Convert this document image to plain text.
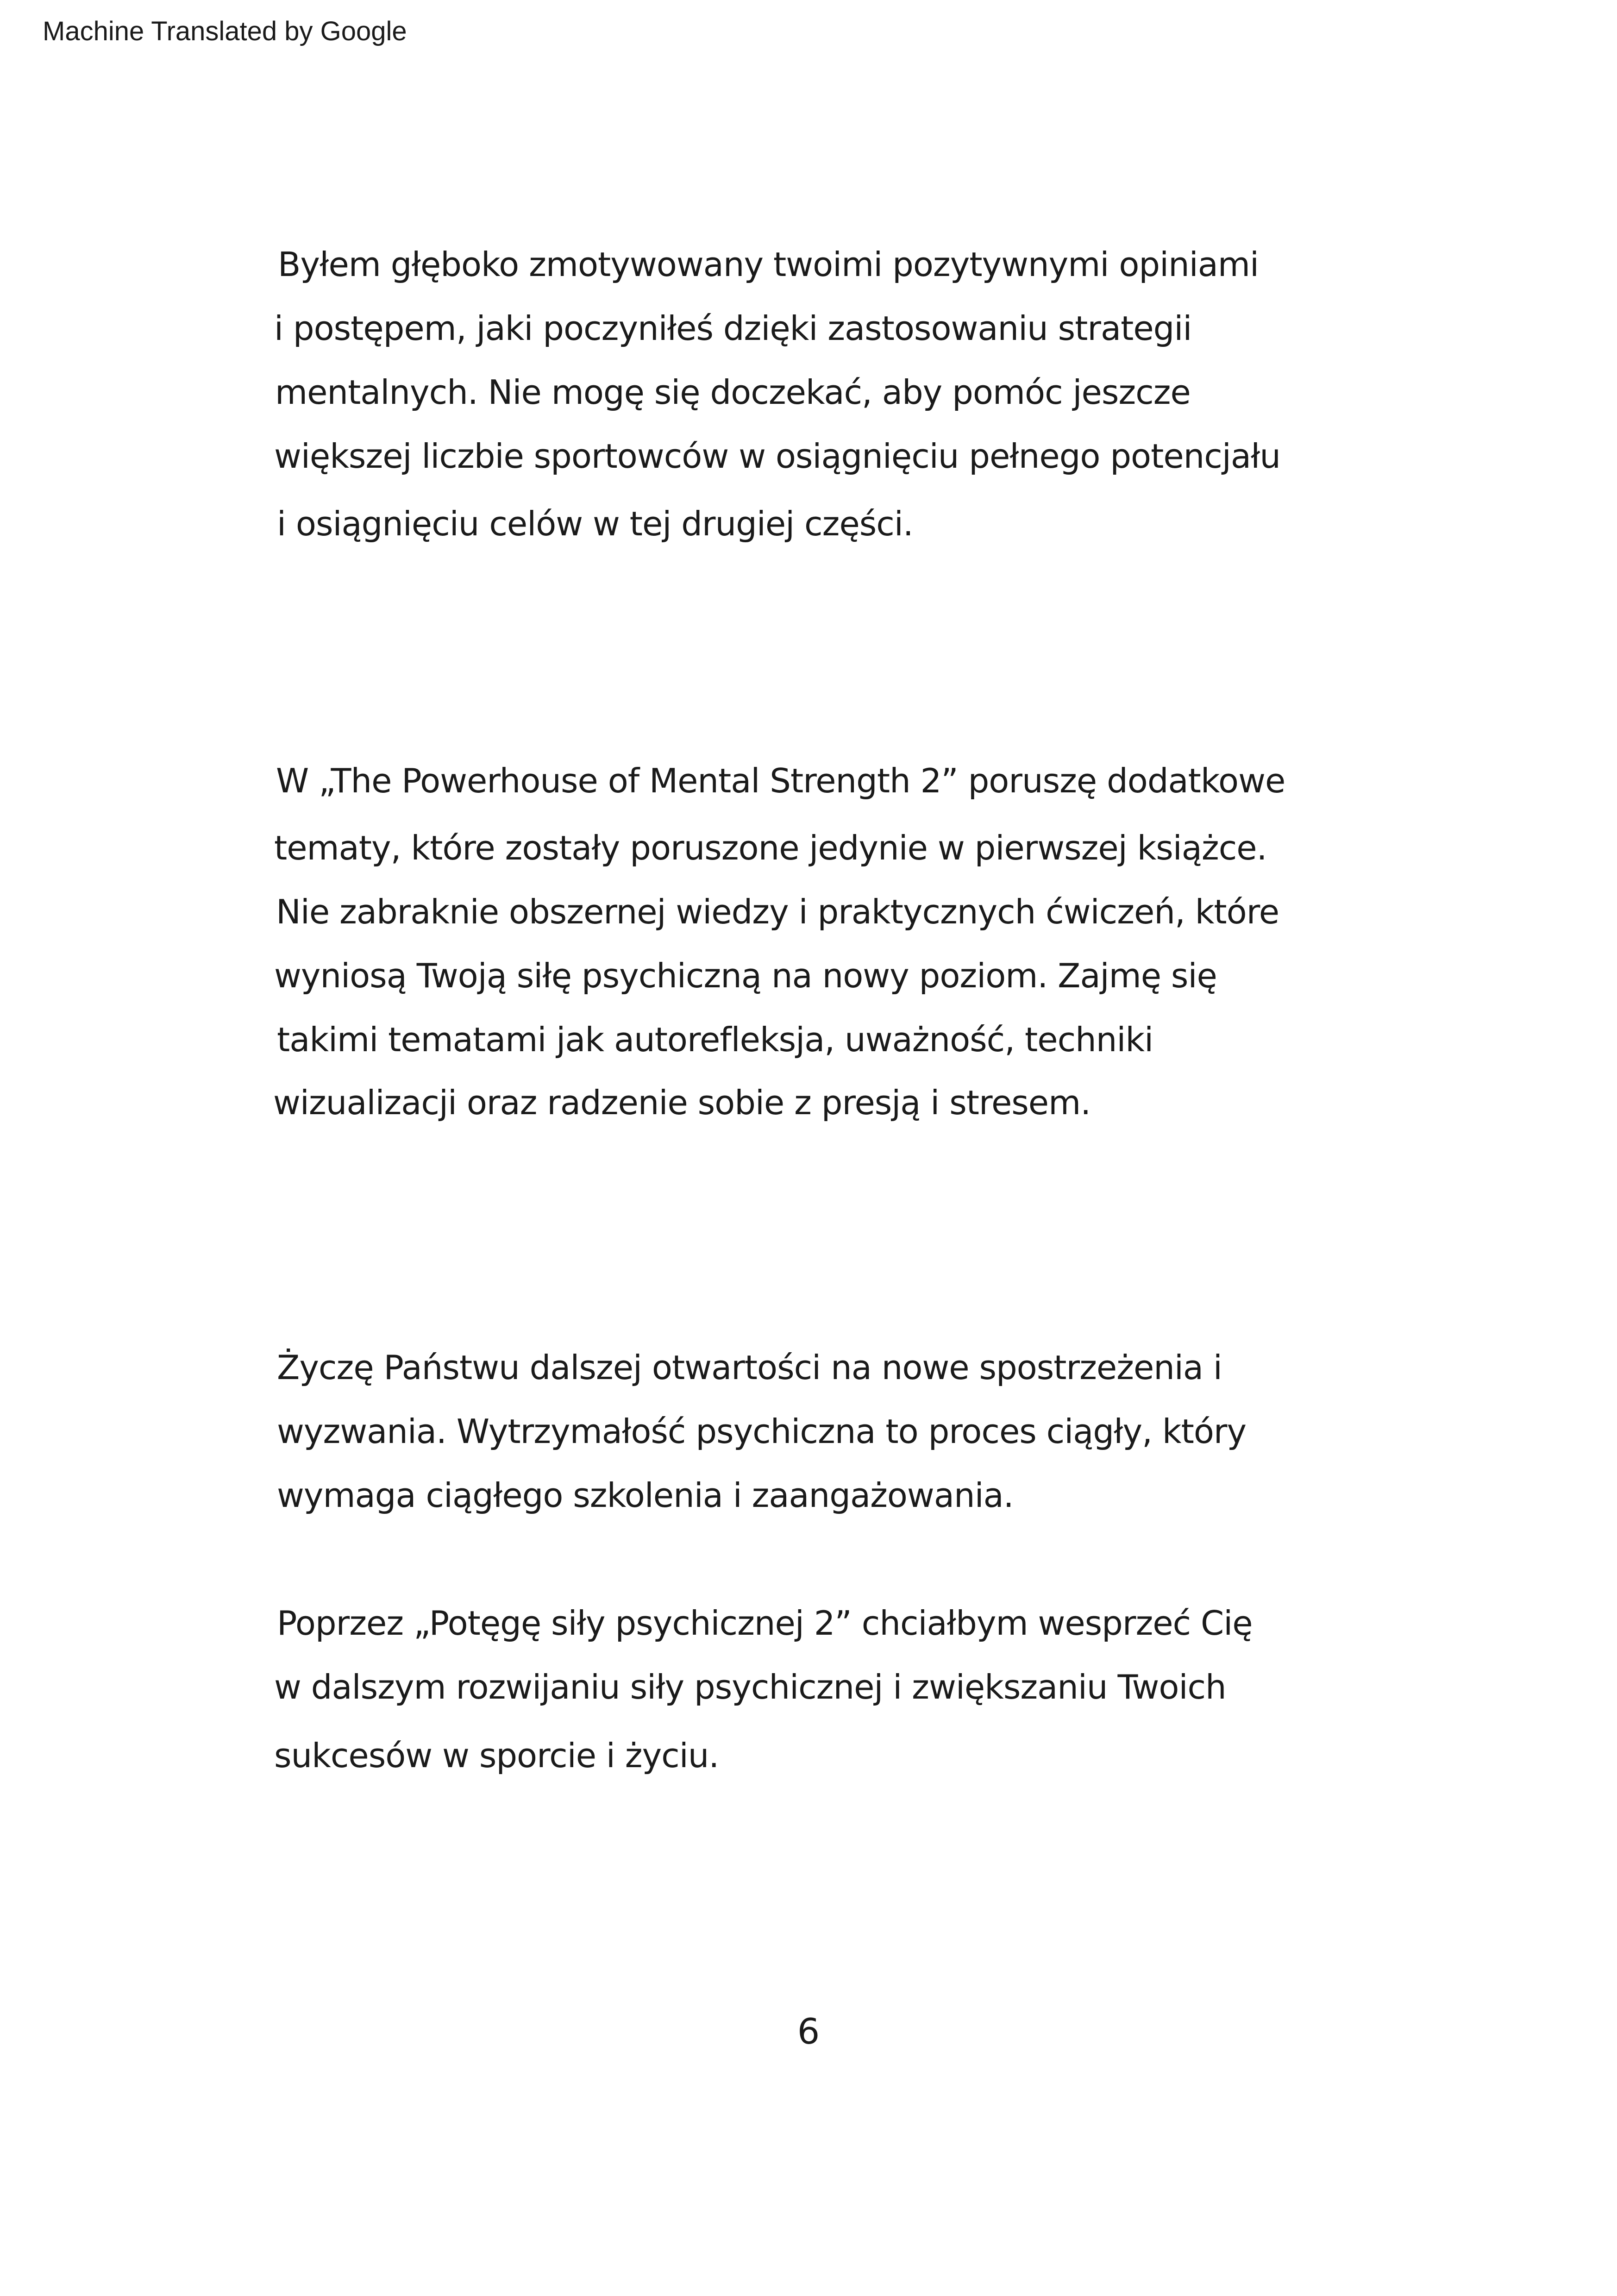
Machine Translated by Google
Byłem głęboko zmotywowany twoimi pozytywnymi opiniami
i postępem, jaki poczyniłeś dzięki zastosowaniu strategii
mentalnych. Nie mogę się doczekać, aby pomóc jeszcze
większej liczbie sportowców w osiągnięciu pełnego potencjału
i osiągnięciu celów w tej drugiej części.
W „The Powerhouse of Mental Strength 2” poruszę dodatkowe
tematy, które zostały poruszone jedynie w pierwszej książce.
Nie zabraknie obszernej wiedzy i praktycznych ćwiczeń, które
wyniosą Twoją siłę psychiczną na nowy poziom. Zajmę się
takimi tematami jak autorefleksja, uważność, techniki
wizualizacji oraz radzenie sobie z presją i stresem.
Życzę Państwu dalszej otwartości na nowe spostrzeżenia i
wyzwania. Wytrzymałość psychiczna to proces ciągły, który
wymaga ciągłego szkolenia i zaangażowania.
Poprzez „Potęgę siły psychicznej 2” chciałbym wesprzeć Cię
w dalszym rozwijaniu siły psychicznej i zwiększaniu Twoich
sukcesów w sporcie i życiu.
6
